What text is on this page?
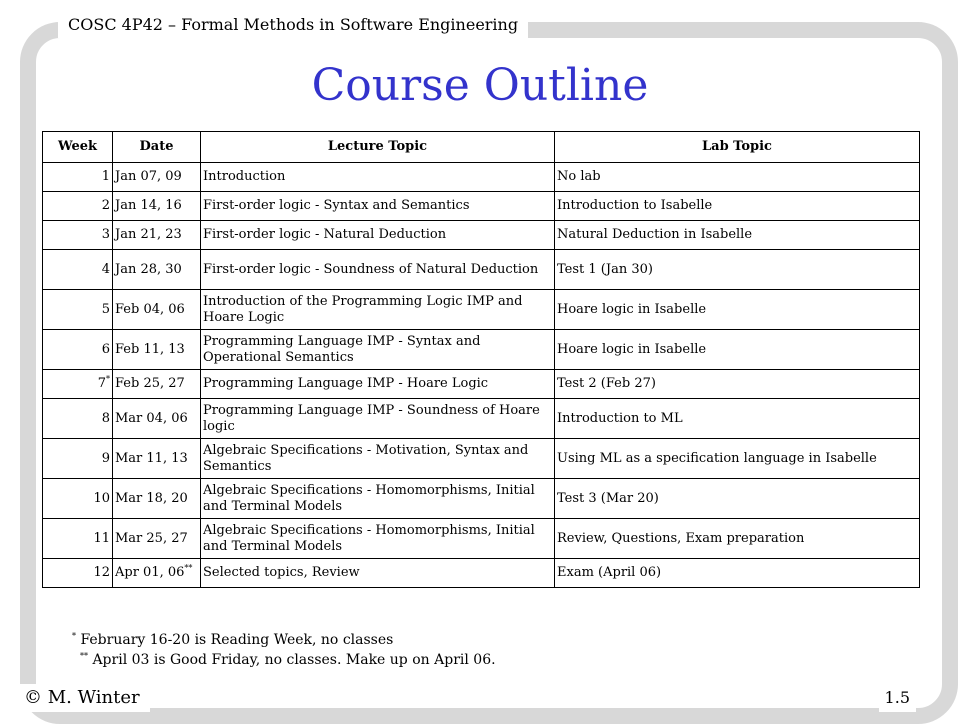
COSC 4P42 – Formal Methods in Software Engineering
Course Outline
Week	Date	Lecture Topic	Lab Topic
1	Jan 07, 09	Introduction	No lab
2	Jan 14, 16	First-order logic - Syntax and Semantics	Introduction to Isabelle
3	Jan 21, 23	First-order logic - Natural Deduction	Natural Deduction in Isabelle
4	Jan 28, 30	First-order logic - Soundness of Natural Deduction	Test 1 (Jan 30)
5	Feb 04, 06	Introduction of the Programming Logic IMP and Hoare Logic	Hoare logic in Isabelle
6	Feb 11, 13	Programming Language IMP - Syntax and Operational Semantics	Hoare logic in Isabelle
7*	Feb 25, 27	Programming Language IMP - Hoare Logic	Test 2 (Feb 27)
8	Mar 04, 06	Programming Language IMP - Soundness of Hoare logic	Introduction to ML
9	Mar 11, 13	Algebraic Specifications - Motivation, Syntax and Semantics	Using ML as a specification language in Isabelle
10	Mar 18, 20	Algebraic Specifications - Homomorphisms, Initial and Terminal Models	Test 3 (Mar 20)
11	Mar 25, 27	Algebraic Specifications - Homomorphisms, Initial and Terminal Models	Review, Questions, Exam preparation
12	Apr 01, 06**	Selected topics, Review	Exam (April 06)
* February 16-20 is Reading Week, no classes
** April 03 is Good Friday, no classes. Make up on April 06.
© M. Winter	1.5
